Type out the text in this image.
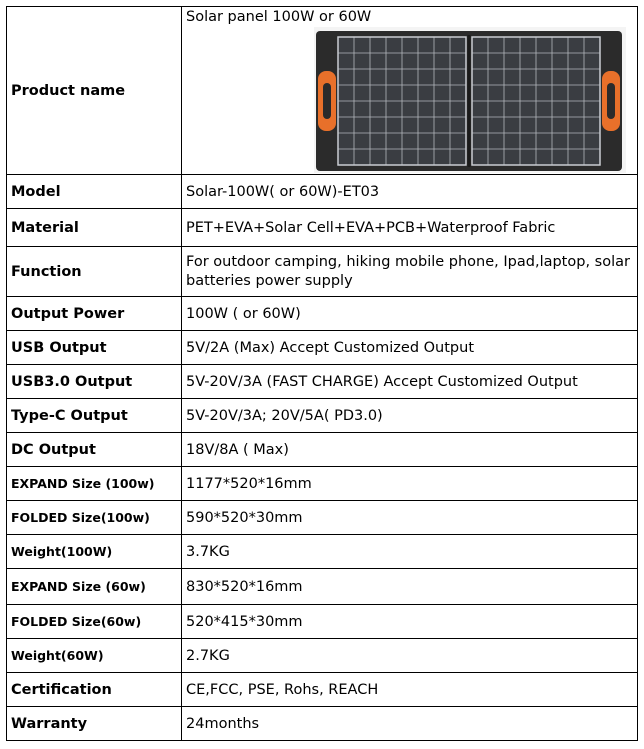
Product name	Solar panel 100W or 60W

Model	Solar-100W( or 60W)-ET03
Material	PET+EVA+Solar Cell+EVA+PCB+Waterproof Fabric
Function	For outdoor camping, hiking mobile phone, Ipad,laptop, solar batteries power supply
Output Power	100W ( or 60W)
USB Output	5V/2A (Max) Accept Customized Output
USB3.0 Output	5V-20V/3A (FAST CHARGE) Accept Customized Output
Type-C Output	5V-20V/3A; 20V/5A( PD3.0)
DC Output	18V/8A ( Max)
EXPAND Size (100w)	1177*520*16mm
FOLDED Size(100w)	590*520*30mm
Weight(100W)	3.7KG
EXPAND Size (60w)	830*520*16mm
FOLDED Size(60w)	520*415*30mm
Weight(60W)	2.7KG
Certification	CE,FCC, PSE, Rohs, REACH
Warranty	24months
